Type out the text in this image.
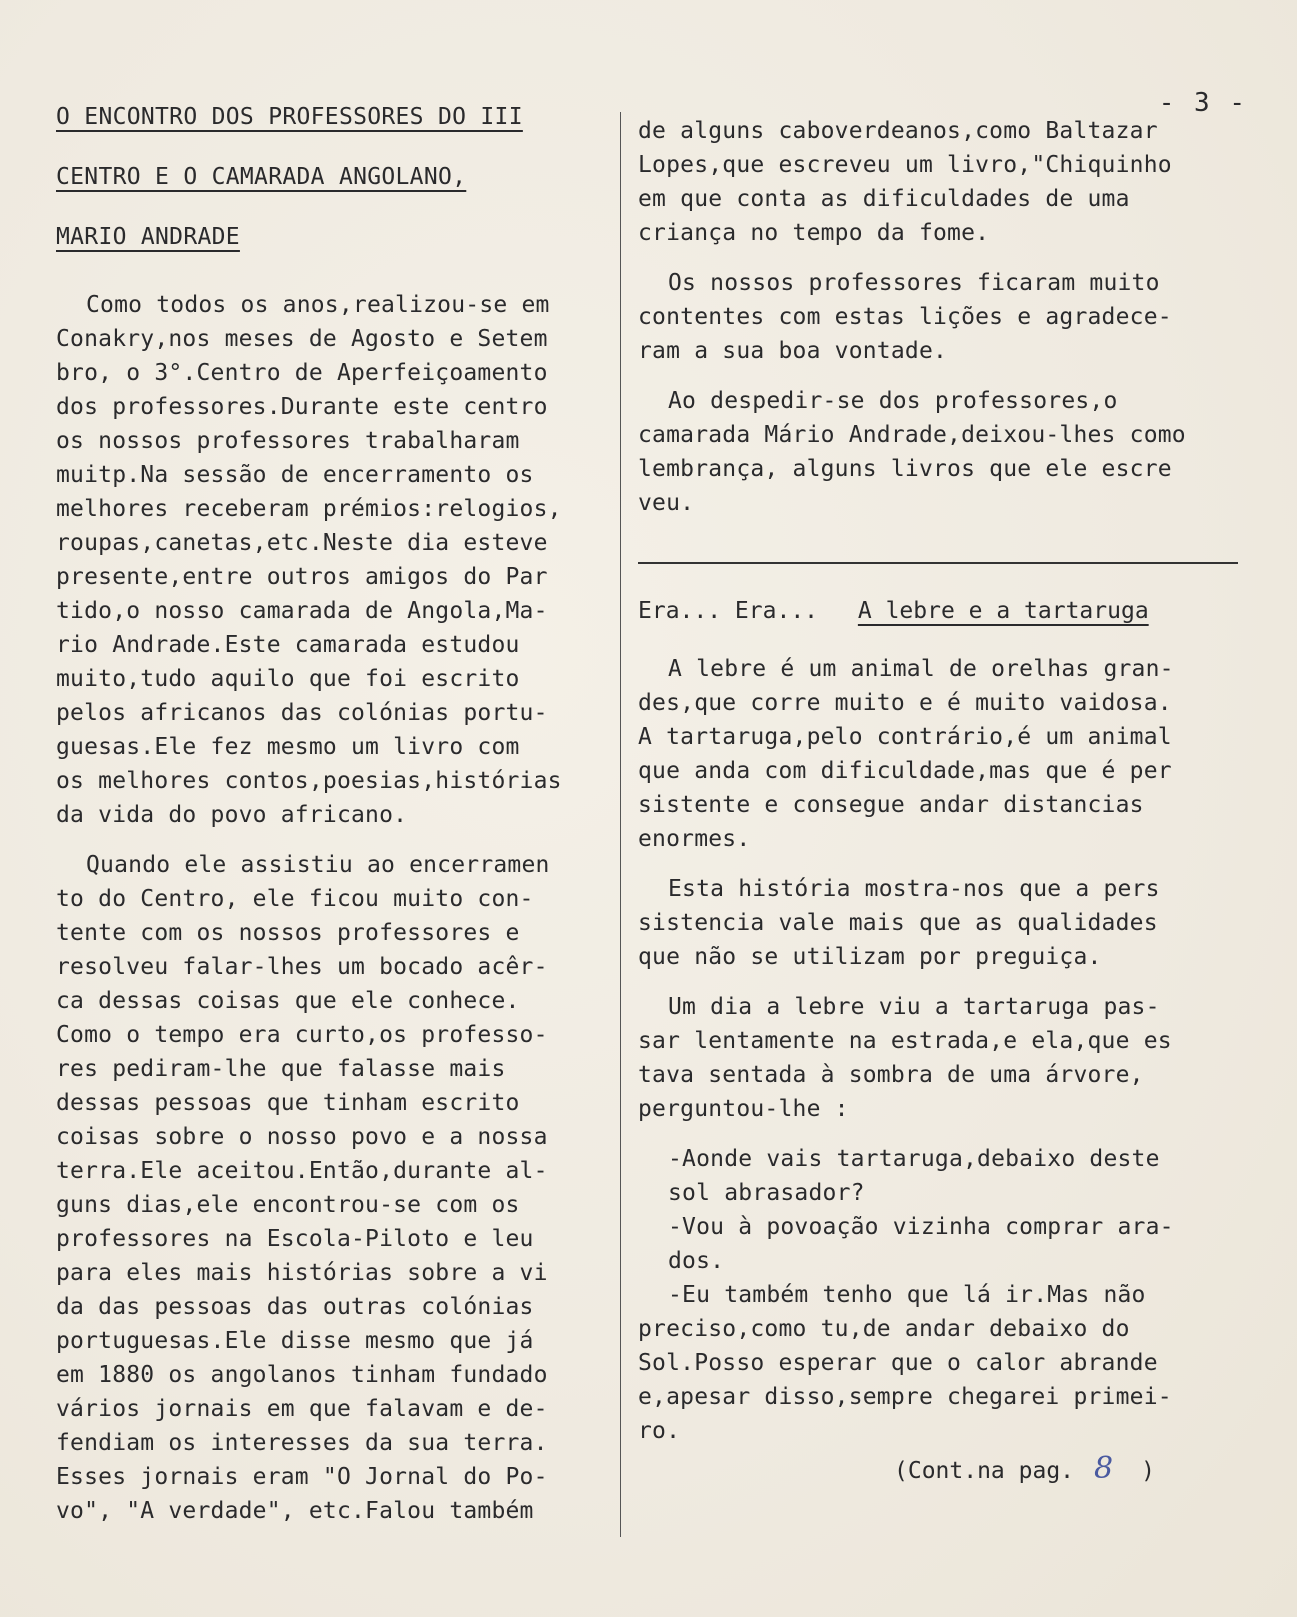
- 3 -
O ENCONTRO DOS PROFESSORES DO III
CENTRO E O CAMARADA ANGOLANO,
MARIO ANDRADE

Como todos os anos,realizou-se em
Conakry,nos meses de Agosto e Setem
bro, o 3°.Centro de Aperfeiçoamento
dos professores.Durante este centro
os nossos professores trabalharam
muitp.Na sessão de encerramento os
melhores receberam prémios:relogios,
roupas,canetas,etc.Neste dia esteve
presente,entre outros amigos do Par
tido,o nosso camarada de Angola,Ma-
rio Andrade.Este camarada estudou
muito,tudo aquilo que foi escrito
pelos africanos das colónias portu-
guesas.Ele fez mesmo um livro com
os melhores contos,poesias,histórias
da vida do povo africano.

Quando ele assistiu ao encerramen
to do Centro, ele ficou muito con-
tente com os nossos professores e
resolveu falar-lhes um bocado acêr-
ca dessas coisas que ele conhece.
Como o tempo era curto,os professo-
res pediram-lhe que falasse mais
dessas pessoas que tinham escrito
coisas sobre o nosso povo e a nossa
terra.Ele aceitou.Então,durante al-
guns dias,ele encontrou-se com os
professores na Escola-Piloto e leu
para eles mais histórias sobre a vi
da das pessoas das outras colónias
portuguesas.Ele disse mesmo que já
em 1880 os angolanos tinham fundado
vários jornais em que falavam e de-
fendiam os interesses da sua terra.
Esses jornais eram "O Jornal do Po-
vo", "A verdade", etc.Falou também

de alguns caboverdeanos,como Baltazar
Lopes,que escreveu um livro,"Chiquinho
em que conta as dificuldades de uma
criança no tempo da fome.

Os nossos professores ficaram muito
contentes com estas lições e agradece-
ram a sua boa vontade.

Ao despedir-se dos professores,o
camarada Mário Andrade,deixou-lhes como
lembrança, alguns livros que ele escre
veu.

Era... Era... A lebre e a tartaruga

A lebre é um animal de orelhas gran-
des,que corre muito e é muito vaidosa.
A tartaruga,pelo contrário,é um animal
que anda com dificuldade,mas que é per
sistente e consegue andar distancias
enormes.

Esta história mostra-nos que a pers
sistencia vale mais que as qualidades
que não se utilizam por preguiça.

Um dia a lebre viu a tartaruga pas-
sar lentamente na estrada,e ela,que es
tava sentada à sombra de uma árvore,
perguntou-lhe :

-Aonde vais tartaruga,debaixo deste
sol abrasador?

-Vou à povoação vizinha comprar ara-
dos.

-Eu também tenho que lá ir.Mas não
preciso,como tu,de andar debaixo do
Sol.Posso esperar que o calor abrande
e,apesar disso,sempre chegarei primei-
ro.

(Cont.na pag. 8 )
